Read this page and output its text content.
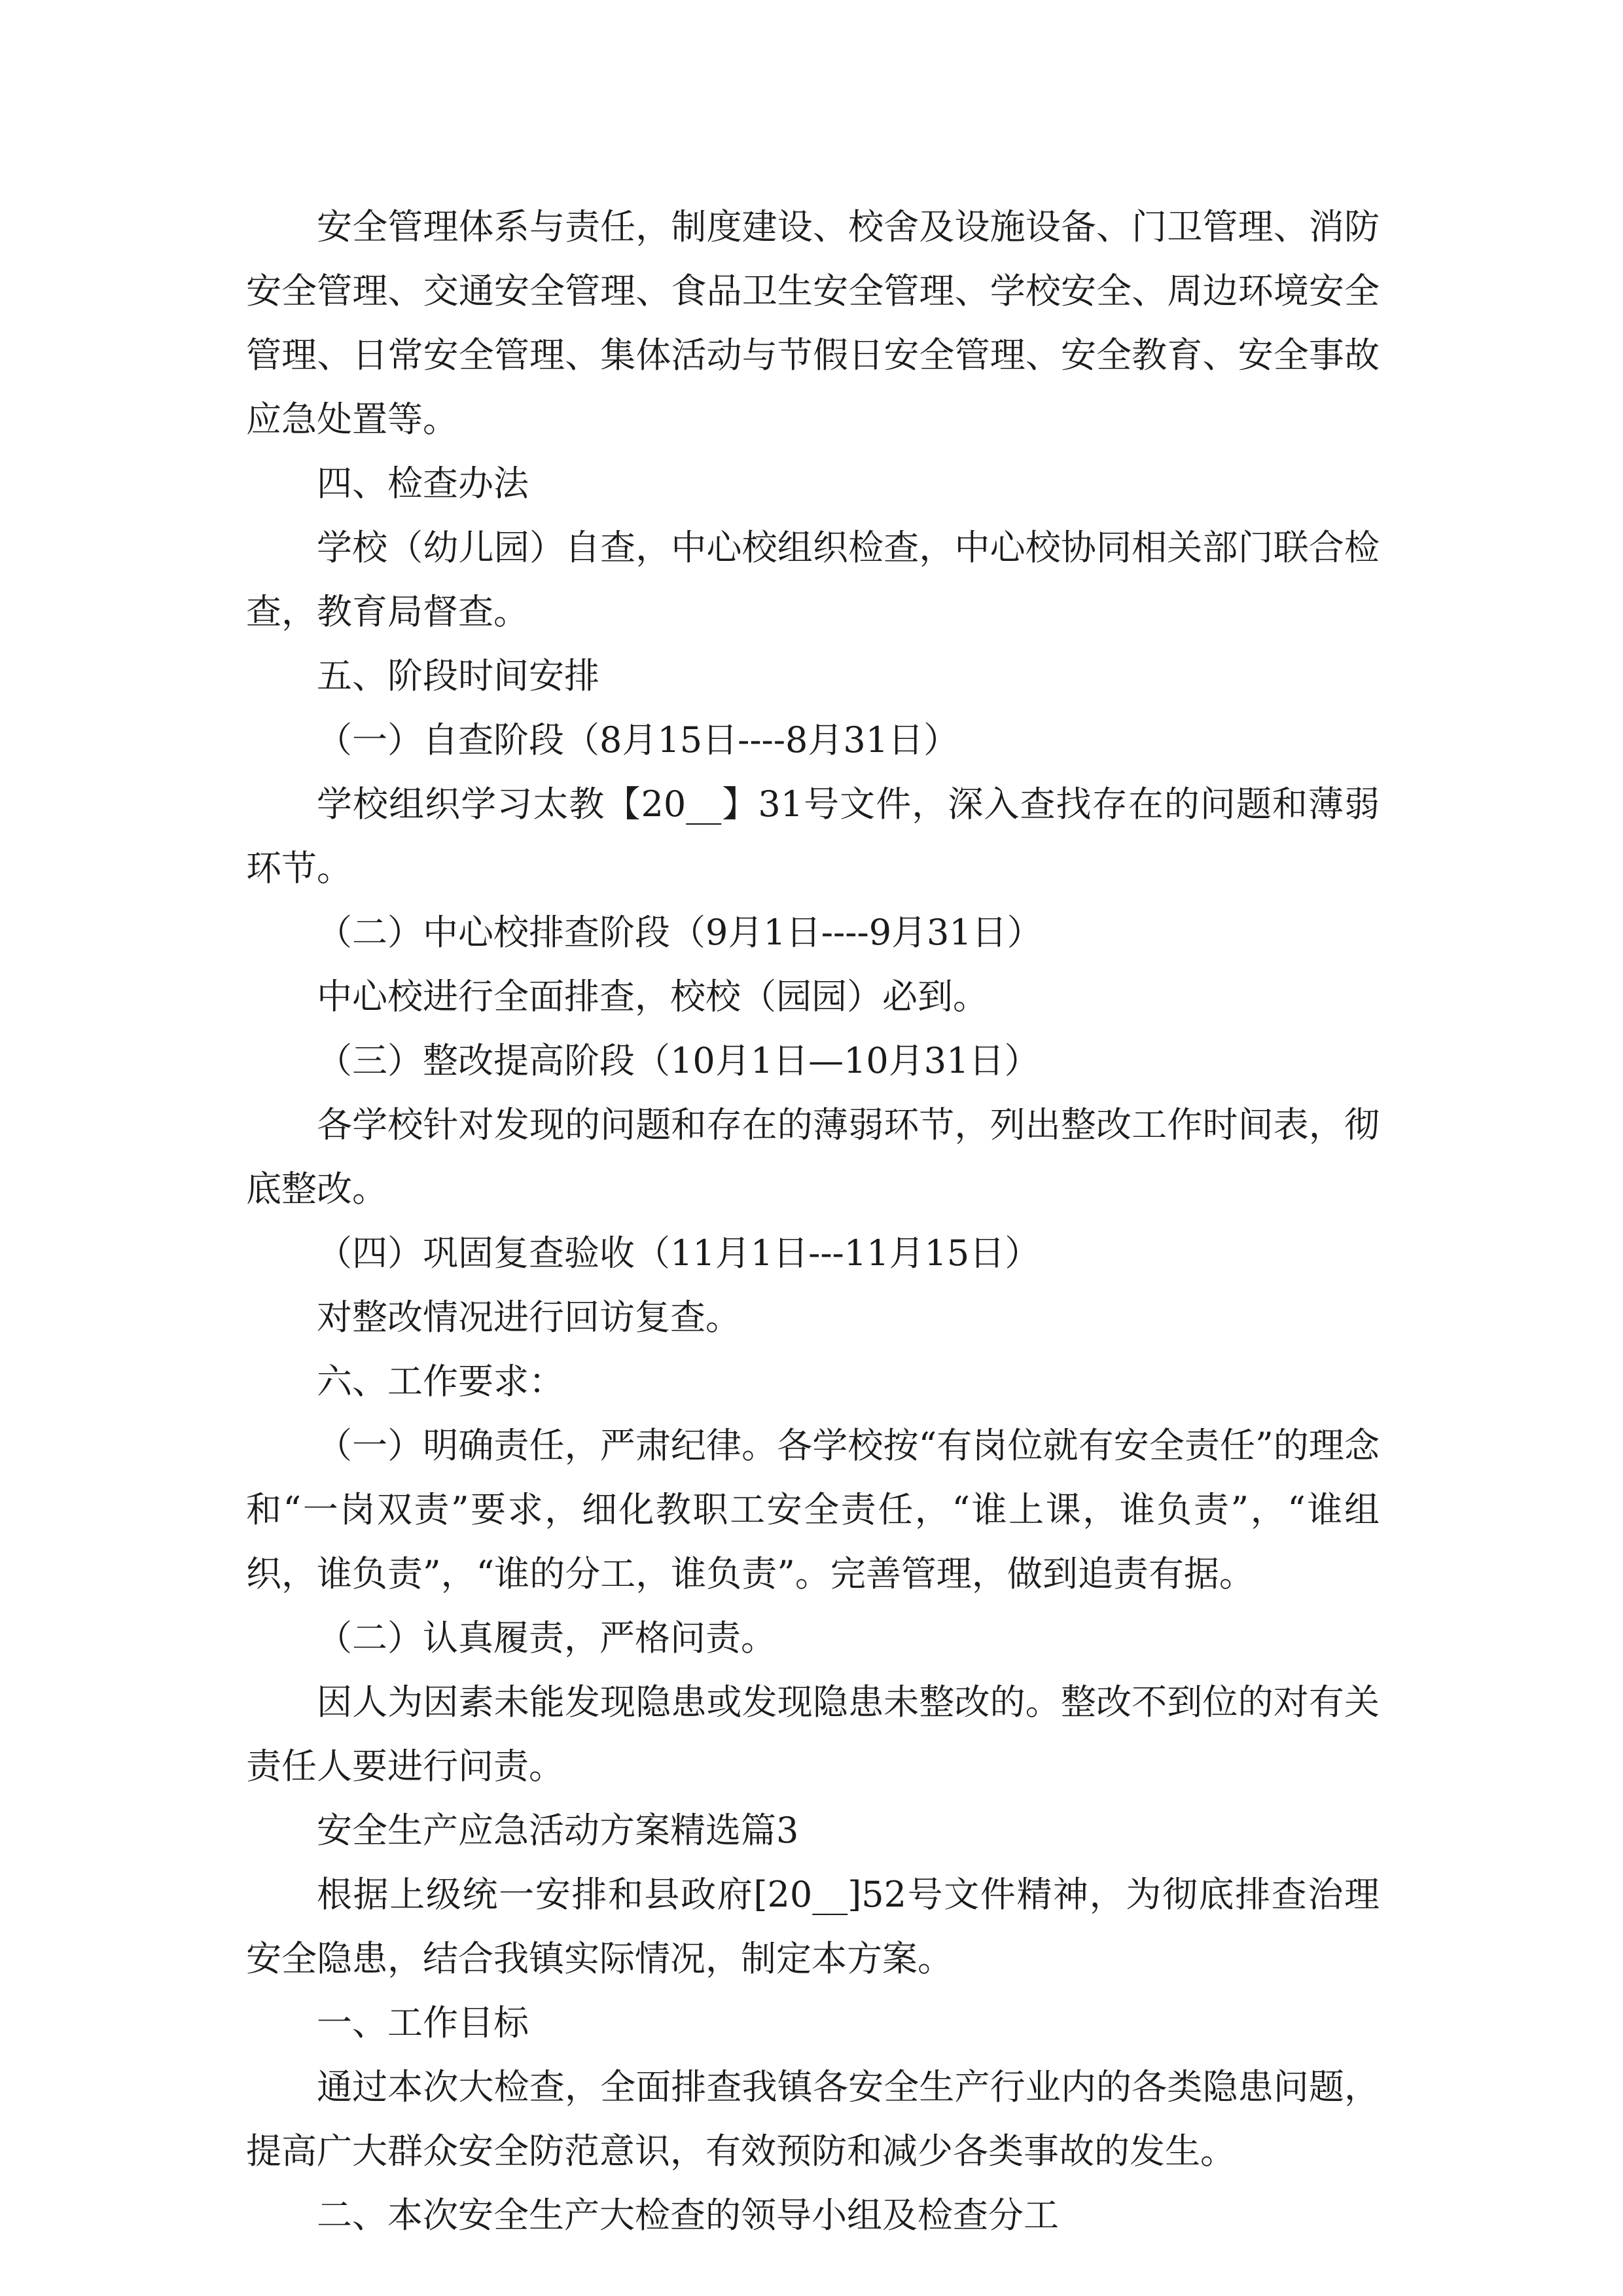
安全管理体系与责任，制度建设、校舍及设施设备、门卫管理、消防安全管理、交通安全管理、食品卫生安全管理、学校安全、周边环境安全管理、日常安全管理、集体活动与节假日安全管理、安全教育、安全事故应急处置等。

四、检查办法

学校（幼儿园）自查，中心校组织检查，中心校协同相关部门联合检查，教育局督查。

五、阶段时间安排

（一）自查阶段（8月15日----8月31日）

学校组织学习太教【20__】31号文件，深入查找存在的问题和薄弱环节。

（二）中心校排查阶段（9月1日----9月31日）

中心校进行全面排查，校校（园园）必到。

（三）整改提高阶段（10月1日—10月31日）

各学校针对发现的问题和存在的薄弱环节，列出整改工作时间表，彻底整改。

（四）巩固复查验收（11月1日---11月15日）

对整改情况进行回访复查。

六、工作要求：

（一）明确责任，严肃纪律。各学校按“有岗位就有安全责任”的理念和“一岗双责”要求，细化教职工安全责任，“谁上课，谁负责”，“谁组织，谁负责”，“谁的分工，谁负责”。完善管理，做到追责有据。

（二）认真履责，严格问责。

因人为因素未能发现隐患或发现隐患未整改的。整改不到位的对有关责任人要进行问责。

安全生产应急活动方案精选篇3

根据上级统一安排和县政府[20__]52号文件精神，为彻底排查治理安全隐患，结合我镇实际情况，制定本方案。

一、工作目标

通过本次大检查，全面排查我镇各安全生产行业内的各类隐患问题，提高广大群众安全防范意识，有效预防和减少各类事故的发生。

二、本次安全生产大检查的领导小组及检查分工
